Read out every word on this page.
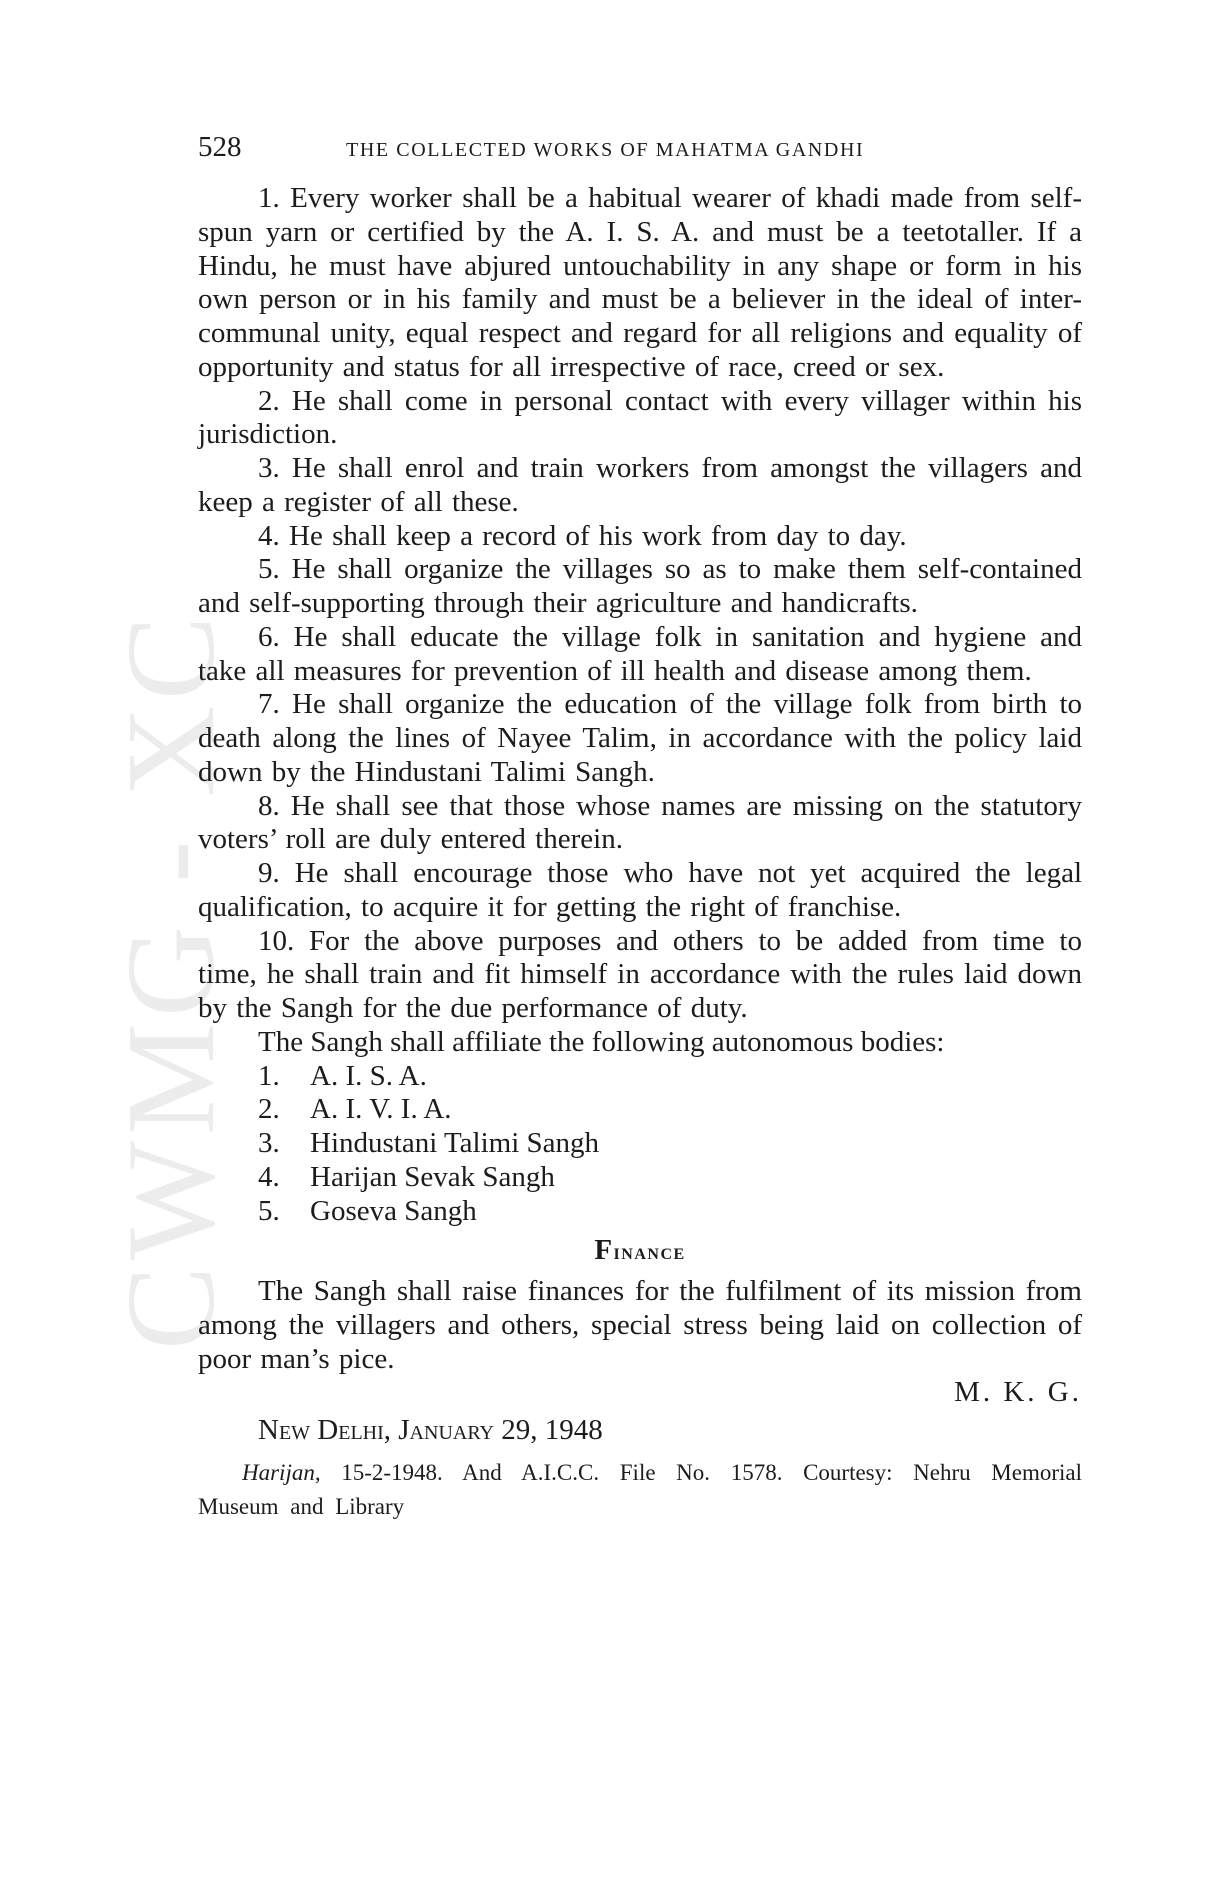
CWMG - XC
528	THE COLLECTED WORKS OF MAHATMA GANDHI

1. Every worker shall be a habitual wearer of khadi made from self-spun yarn or certified by the A. I. S. A. and must be a teetotaller. If a Hindu, he must have abjured untouchability in any shape or form in his own person or in his family and must be a believer in the ideal of inter-communal unity, equal respect and regard for all religions and equality of opportunity and status for all irrespective of race, creed or sex.

2. He shall come in personal contact with every villager within his jurisdiction.

3. He shall enrol and train workers from amongst the villagers and keep a register of all these.

4. He shall keep a record of his work from day to day.

5. He shall organize the villages so as to make them self-contained and self-supporting through their agriculture and handicrafts.

6. He shall educate the village folk in sanitation and hygiene and take all measures for prevention of ill health and disease among them.

7. He shall organize the education of the village folk from birth to death along the lines of Nayee Talim, in accordance with the policy laid down by the Hindustani Talimi Sangh.

8. He shall see that those whose names are missing on the statutory voters’ roll are duly entered therein.

9. He shall encourage those who have not yet acquired the legal qualification, to acquire it for getting the right of franchise.

10. For the above purposes and others to be added from time to time, he shall train and fit himself in accordance with the rules laid down by the Sangh for the due performance of duty.

The Sangh shall affiliate the following autonomous bodies:

1.	A. I. S. A.
2.	A. I. V. I. A.
3.	Hindustani Talimi Sangh
4.	Harijan Sevak Sangh
5.	Goseva Sangh
Finance

The Sangh shall raise finances for the fulfilment of its mission from among the villagers and others, special stress being laid on collection of poor man’s pice.

M. K. G.

New Delhi, January 29, 1948

Harijan, 15-2-1948. And A.I.C.C. File No. 1578. Courtesy: Nehru Memorial Museum and Library
